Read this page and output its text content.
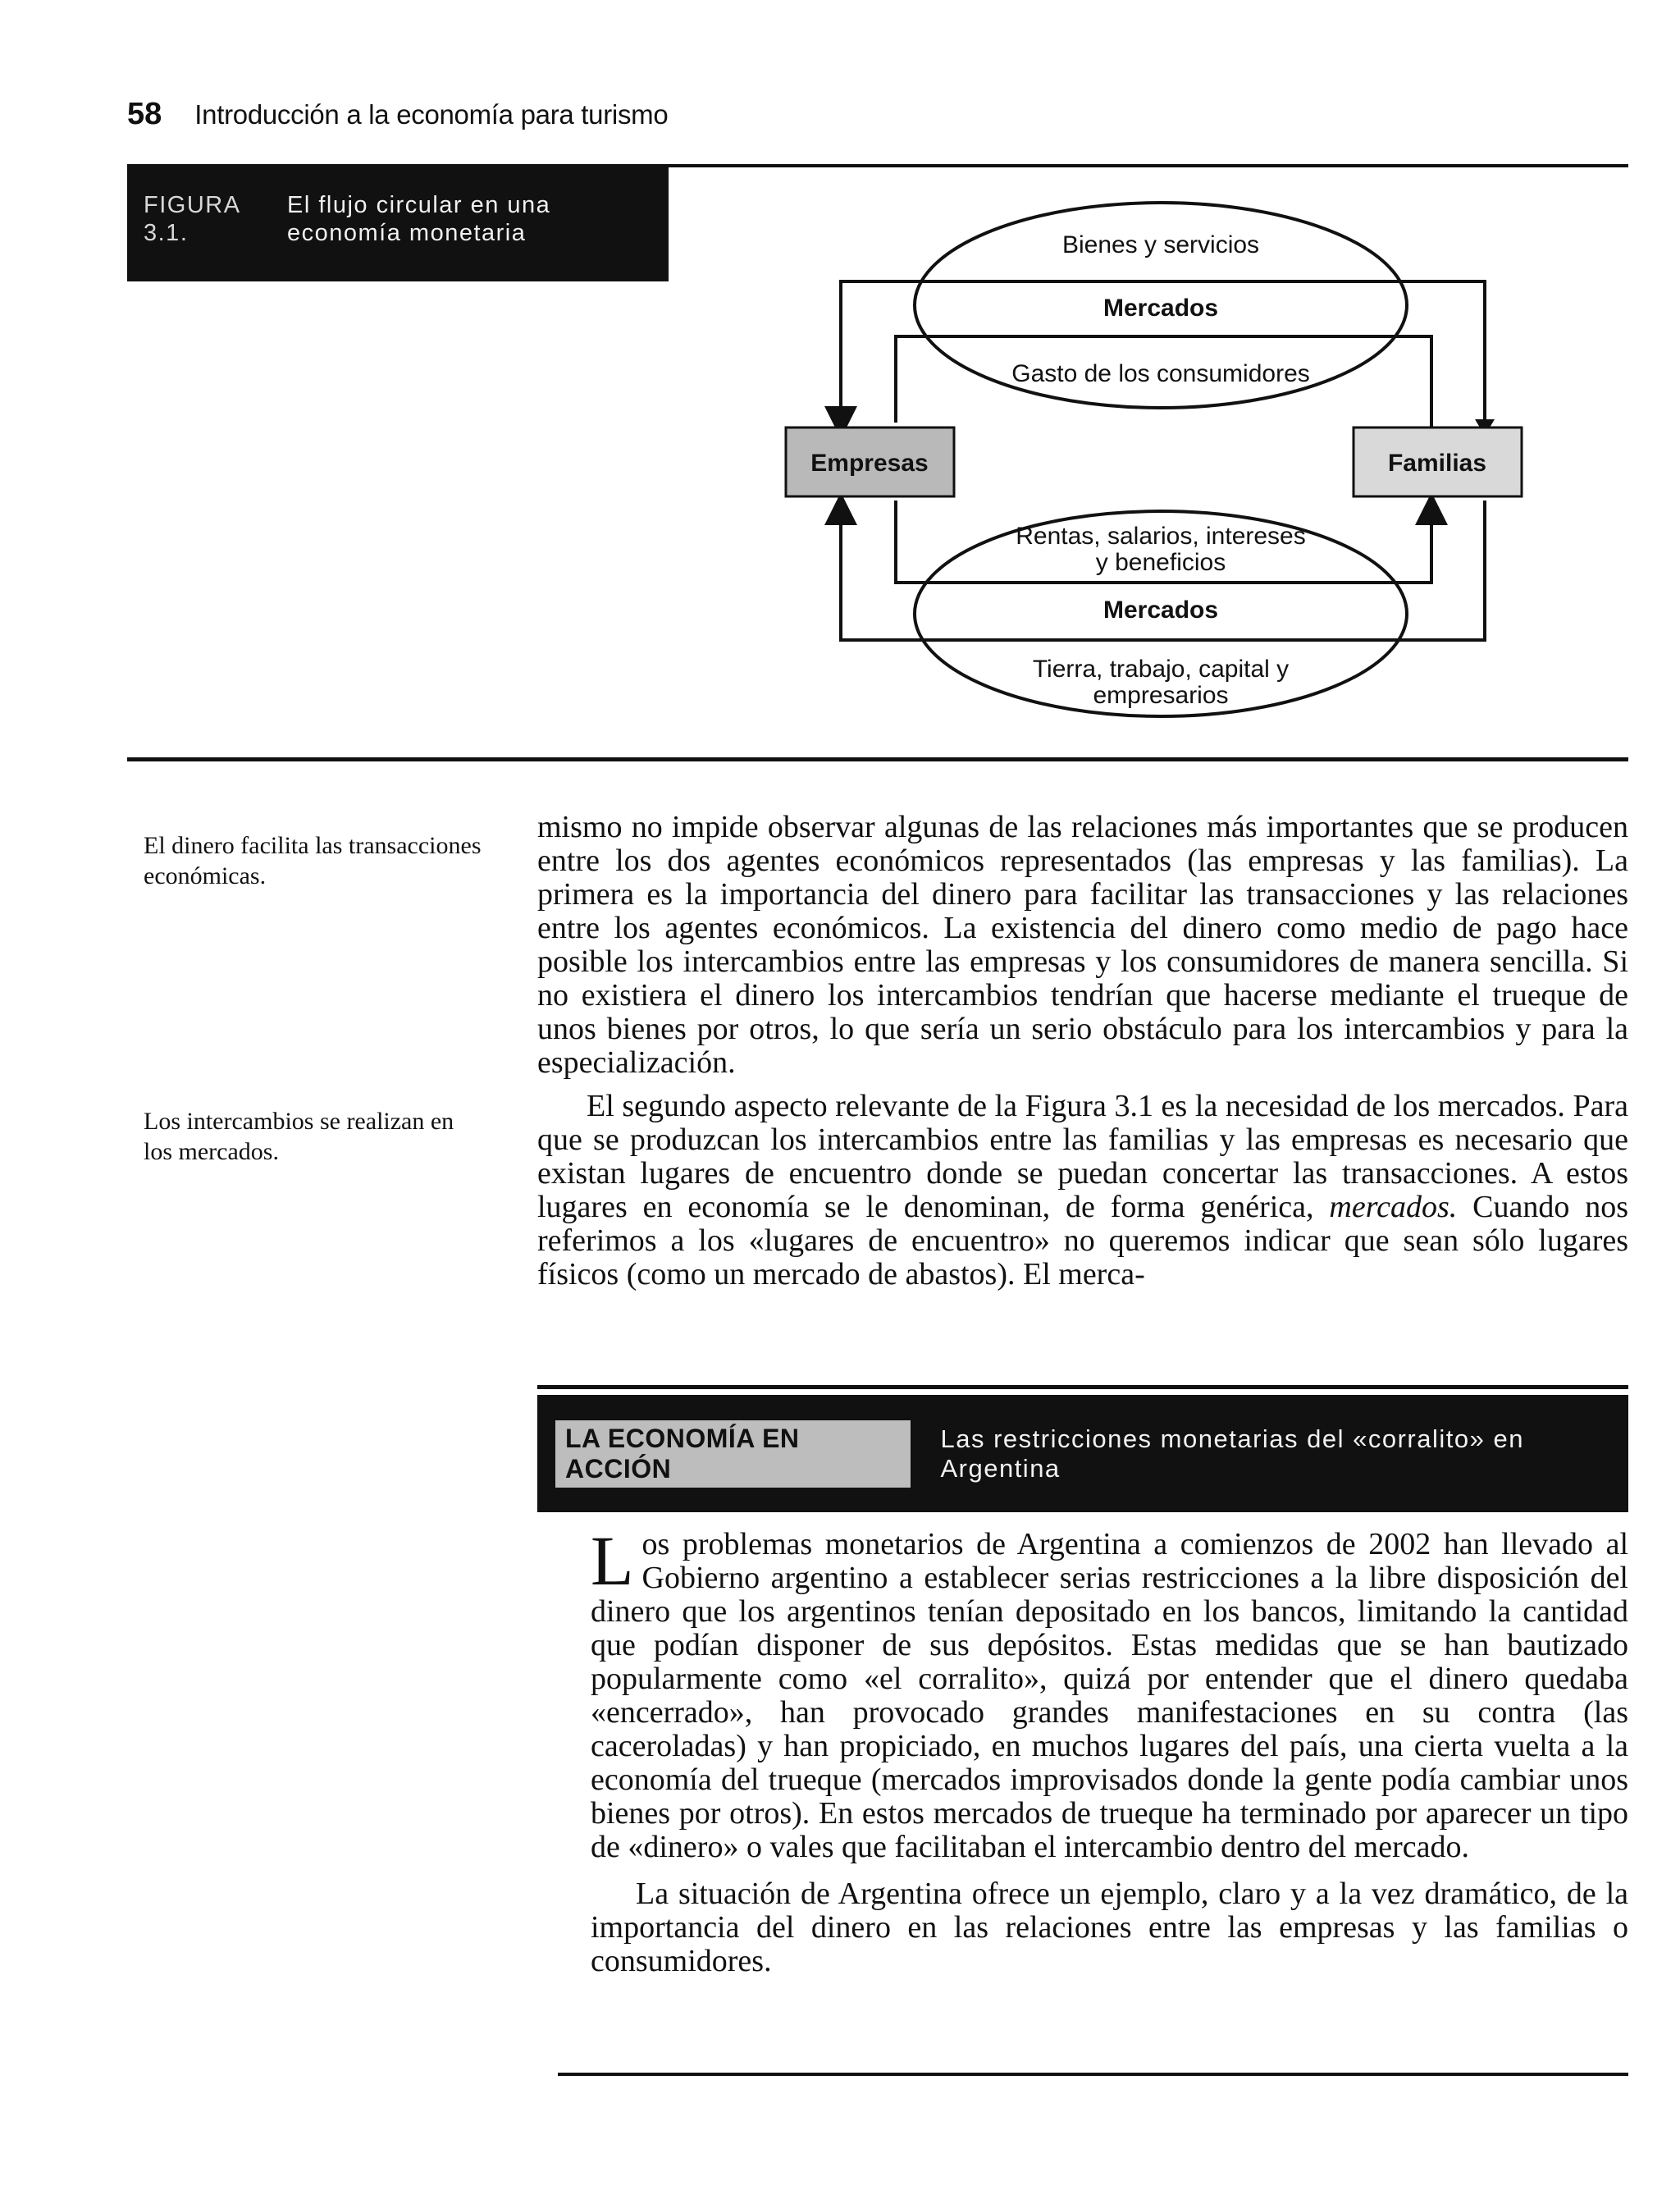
58 Introducción a la economía para turismo
FIGURA 3.1.
El flujo circular en una economía monetaria	Bienes y servicios
Mercados
Gasto de los consumidores
Empresas	Familias
Rentas, salarios, intereses
y beneficios
Mercados
Tierra, trabajo, capital y
empresarios
El dinero facilita las transacciones económicas.
Los intercambios se realizan en los mercados.

mismo no impide observar algunas de las relaciones más importantes que se producen entre los dos agentes económicos representados (las empresas y las familias). La primera es la importancia del dinero para facilitar las transacciones y las relaciones entre los agentes económicos. La existencia del dinero como medio de pago hace posible los intercambios entre las empresas y los consumidores de manera sencilla. Si no existiera el dinero los intercambios tendrían que hacerse mediante el trueque de unos bienes por otros, lo que sería un serio obstáculo para los intercambios y para la especialización.

El segundo aspecto relevante de la Figura 3.1 es la necesidad de los mercados. Para que se produzcan los intercambios entre las familias y las empresas es necesario que existan lugares de encuentro donde se puedan concertar las transacciones. A estos lugares en economía se le denominan, de forma genérica, mercados. Cuando nos referimos a los «lugares de encuentro» no queremos indicar que sean sólo lugares físicos (como un mercado de abastos). El merca-

LA ECONOMÍA EN ACCIÓN
Las restricciones monetarias del «corralito» en Argentina

Los problemas monetarios de Argentina a comienzos de 2002 han llevado al Gobierno argentino a establecer serias restricciones a la libre disposición del dinero que los argentinos tenían depositado en los bancos, limitando la cantidad que podían disponer de sus depósitos. Estas medidas que se han bautizado popularmente como «el corralito», quizá por entender que el dinero quedaba «encerrado», han provocado grandes manifestaciones en su contra (las caceroladas) y han propiciado, en muchos lugares del país, una cierta vuelta a la economía del trueque (mercados improvisados donde la gente podía cambiar unos bienes por otros). En estos mercados de trueque ha terminado por aparecer un tipo de «dinero» o vales que facilitaban el intercambio dentro del mercado.

La situación de Argentina ofrece un ejemplo, claro y a la vez dramático, de la importancia del dinero en las relaciones entre las empresas y las familias o consumidores.
